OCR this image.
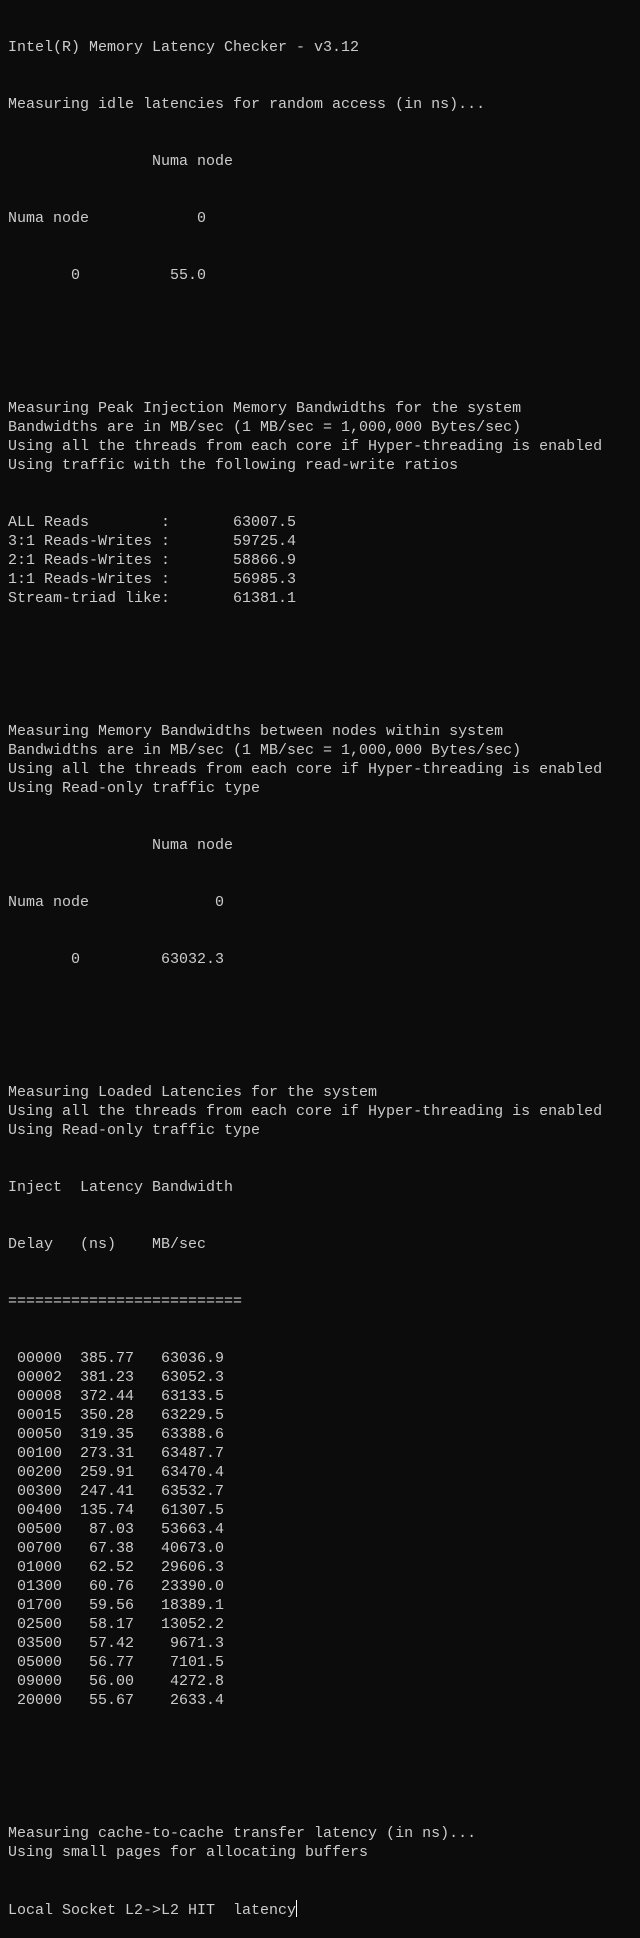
Intel(R) Memory Latency Checker - v3.12

Measuring idle latencies for random access (in ns)...

Numa node

Numa node	0

0	55.0

Measuring Peak Injection Memory Bandwidths for the system
Bandwidths are in MB/sec (1 MB/sec = 1,000,000 Bytes/sec)
Using all the threads from each core if Hyper-threading is enabled
Using traffic with the following read-write ratios

ALL Reads        :	63007.5
3:1 Reads-Writes :	59725.4
2:1 Reads-Writes :	58866.9
1:1 Reads-Writes :	56985.3
Stream-triad like:	61381.1

Measuring Memory Bandwidths between nodes within system
Bandwidths are in MB/sec (1 MB/sec = 1,000,000 Bytes/sec)
Using all the threads from each core if Hyper-threading is enabled
Using Read-only traffic type

Numa node

Numa node	0

0	63032.3

Measuring Loaded Latencies for the system
Using all the threads from each core if Hyper-threading is enabled
Using Read-only traffic type

Inject Latency Bandwidth

Delay (ns) MB/sec

==========================

00000 385.77 63036.9
00002 381.23 63052.3
00008 372.44 63133.5
00015 350.28 63229.5
00050 319.35 63388.6
00100 273.31 63487.7
00200 259.91 63470.4
00300 247.41 63532.7
00400 135.74 61307.5
00500 87.03 53663.4
00700 67.38 40673.0
01000 62.52 29606.3
01300 60.76 23390.0
01700 59.56 18389.1
02500 58.17 13052.2
03500 57.42 9671.3
05000 56.77 7101.5
09000 56.00 4272.8
20000 55.67 2633.4

Measuring cache-to-cache transfer latency (in ns)...
Using small pages for allocating buffers

Local Socket L2->L2 HIT  latency
